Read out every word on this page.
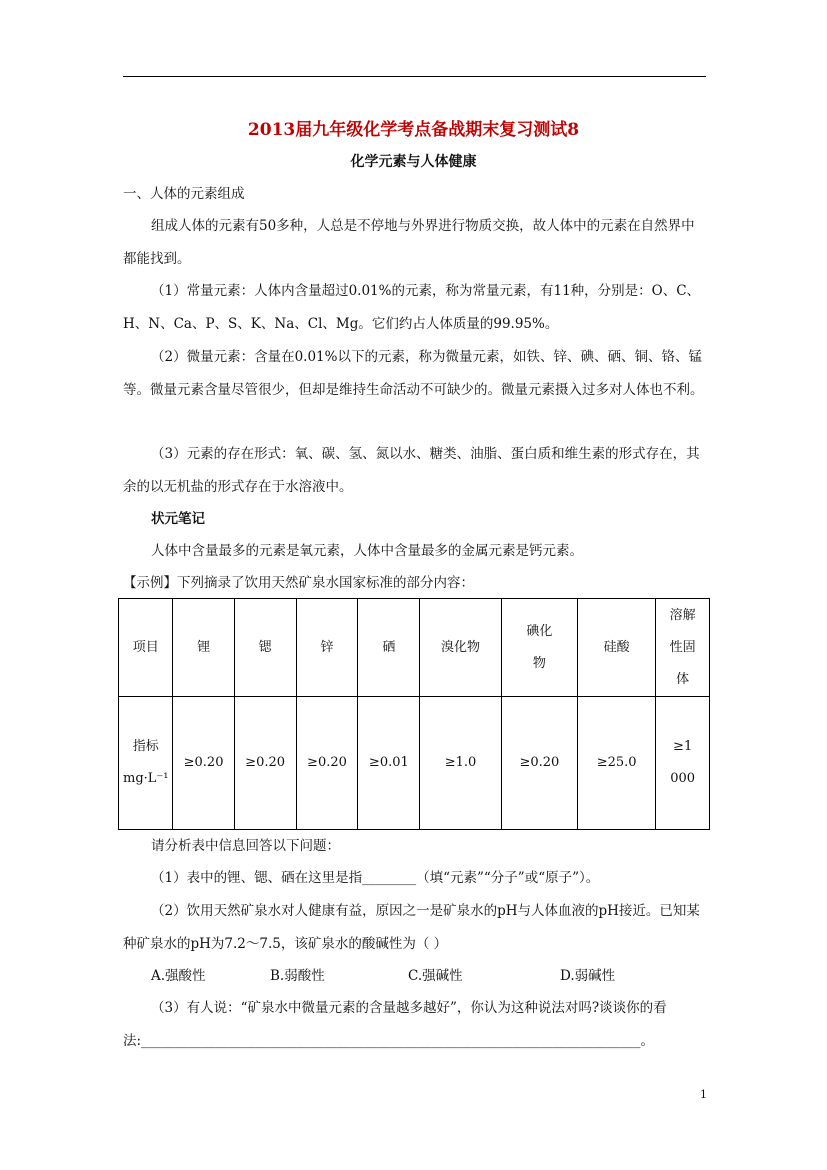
2013届九年级化学考点备战期末复习测试8
化学元素与人体健康
一、人体的元素组成
组成人体的元素有50多种，人总是不停地与外界进行物质交换，故人体中的元素在自然界中都能找到。
（1）常量元素：人体内含量超过0.01%的元素，称为常量元素，有11种，分别是：O、C、H、N、Ca、P、S、K、Na、Cl、Mg。它们约占人体质量的99.95%。
（2）微量元素：含量在0.01%以下的元素，称为微量元素，如铁、锌、碘、硒、铜、铬、锰等。微量元素含量尽管很少，但却是维持生命活动不可缺少的。微量元素摄入过多对人体也不利。
（3）元素的存在形式：氧、碳、氢、氮以水、糖类、油脂、蛋白质和维生素的形式存在，其余的以无机盐的形式存在于水溶液中。
状元笔记
人体中含量最多的元素是氧元素，人体中含量最多的金属元素是钙元素。
【示例】下列摘录了饮用天然矿泉水国家标准的部分内容：
项目	锂	锶	锌	硒	溴化物	碘化物	硅酸	溶解性固体
指标mg·L⁻¹	≥0.20	≥0.20	≥0.20	≥0.01	≥1.0	≥0.20	≥25.0	≥1 000
请分析表中信息回答以下问题：
（1）表中的锂、锶、硒在这里是指________（填“元素”“分子”或“原子”）。
（2）饮用天然矿泉水对人健康有益，原因之一是矿泉水的pH与人体血液的pH接近。已知某种矿泉水的pH为7.2～7.5，该矿泉水的酸碱性为（ ）
A.强酸性	B.弱酸性	C.强碱性	D.弱碱性
（3）有人说：“矿泉水中微量元素的含量越多越好”，你认为这种说法对吗?谈谈你的看法:__________________________________________________________________________。
1
